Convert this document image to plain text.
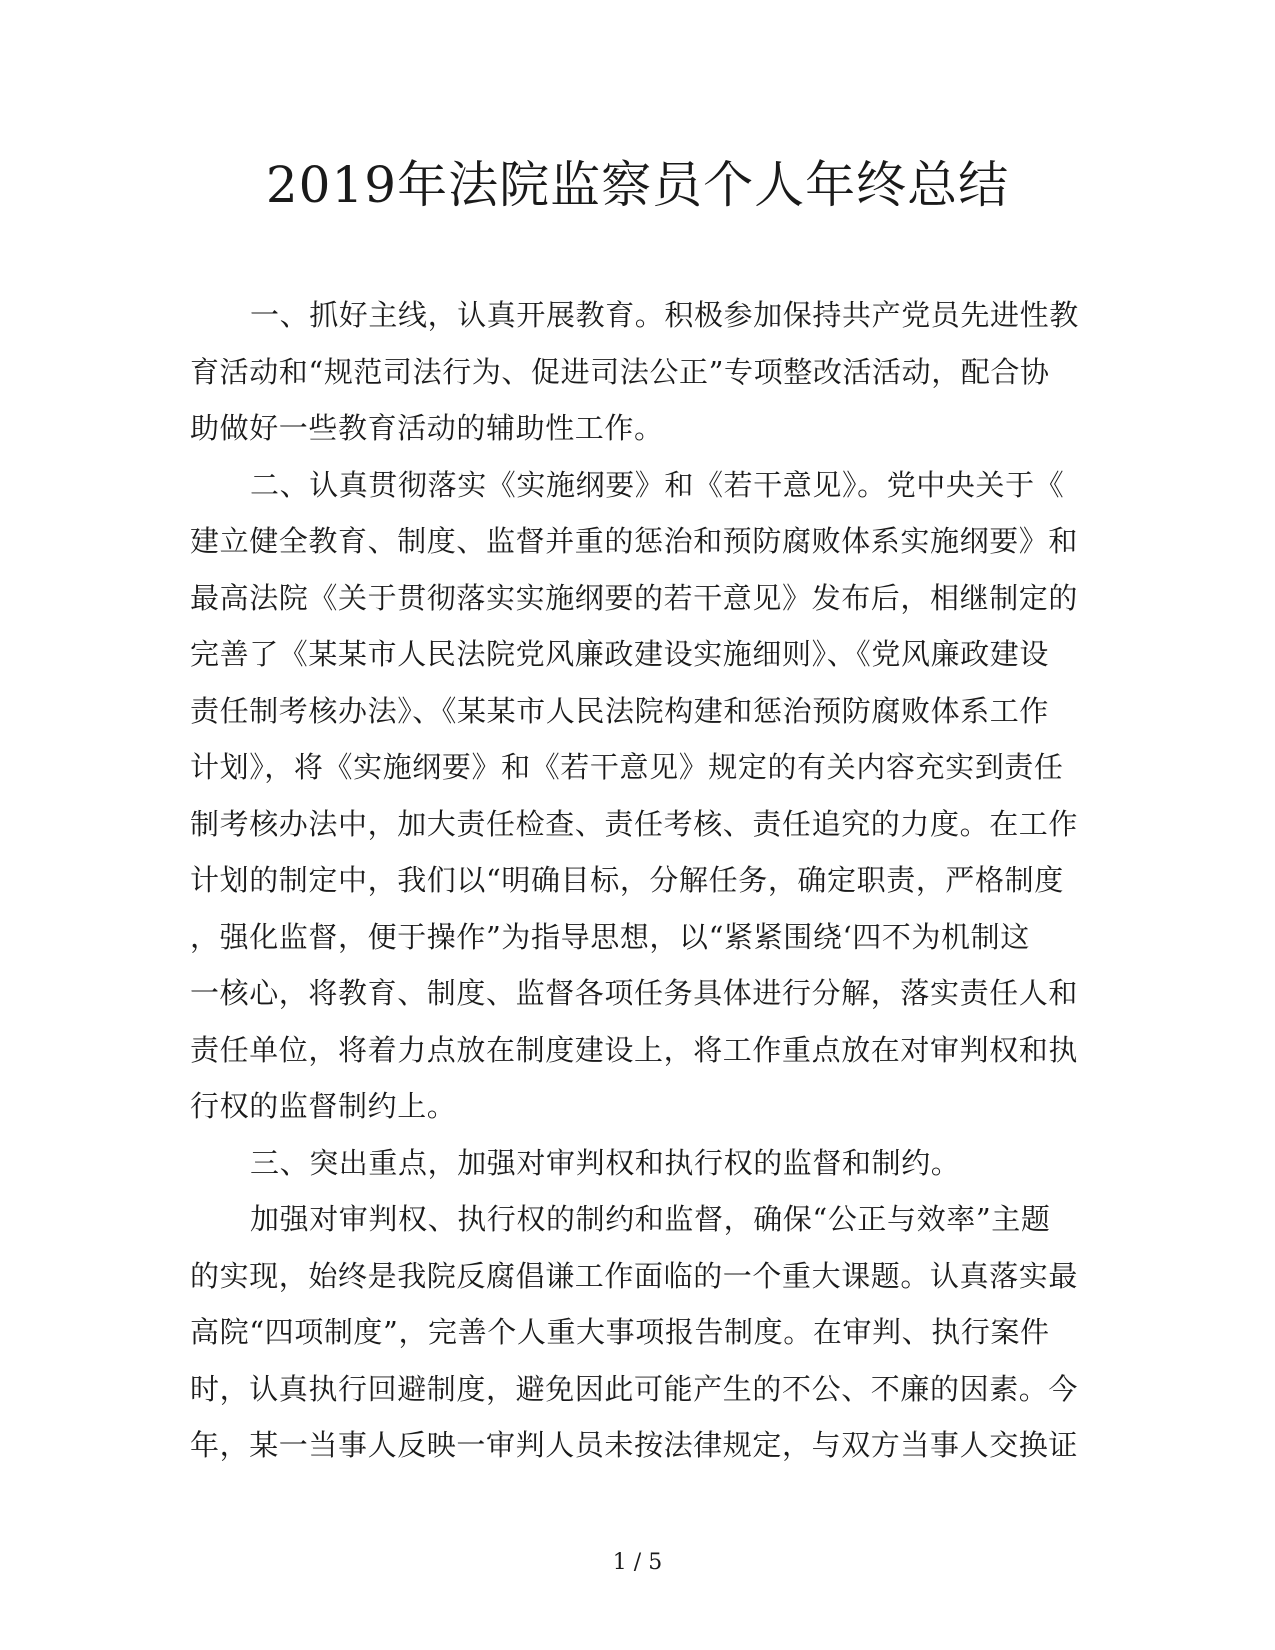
2019年法院监察员个人年终总结

一、抓好主线，认真开展教育。积极参加保持共产党员先进性教
育活动和“规范司法行为、促进司法公正”专项整改活活动，配合协
助做好一些教育活动的辅助性工作。

二、认真贯彻落实《实施纲要》和《若干意见》。党中央关于《
建立健全教育、制度、监督并重的惩治和预防腐败体系实施纲要》和
最高法院《关于贯彻落实实施纲要的若干意见》发布后，相继制定的
完善了《某某市人民法院党风廉政建设实施细则》、《党风廉政建设
责任制考核办法》、《某某市人民法院构建和惩治预防腐败体系工作
计划》，将《实施纲要》和《若干意见》规定的有关内容充实到责任
制考核办法中，加大责任检查、责任考核、责任追究的力度。在工作
计划的制定中，我们以“明确目标，分解任务，确定职责，严格制度
，强化监督，便于操作”为指导思想，以“紧紧围绕‘四不为机制这
一核心，将教育、制度、监督各项任务具体进行分解，落实责任人和
责任单位，将着力点放在制度建设上，将工作重点放在对审判权和执
行权的监督制约上。

三、突出重点，加强对审判权和执行权的监督和制约。

加强对审判权、执行权的制约和监督，确保“公正与效率”主题
的实现，始终是我院反腐倡谦工作面临的一个重大课题。认真落实最
高院“四项制度”，完善个人重大事项报告制度。在审判、执行案件
时，认真执行回避制度，避免因此可能产生的不公、不廉的因素。今
年，某一当事人反映一审判人员未按法律规定，与双方当事人交换证

1 / 5
